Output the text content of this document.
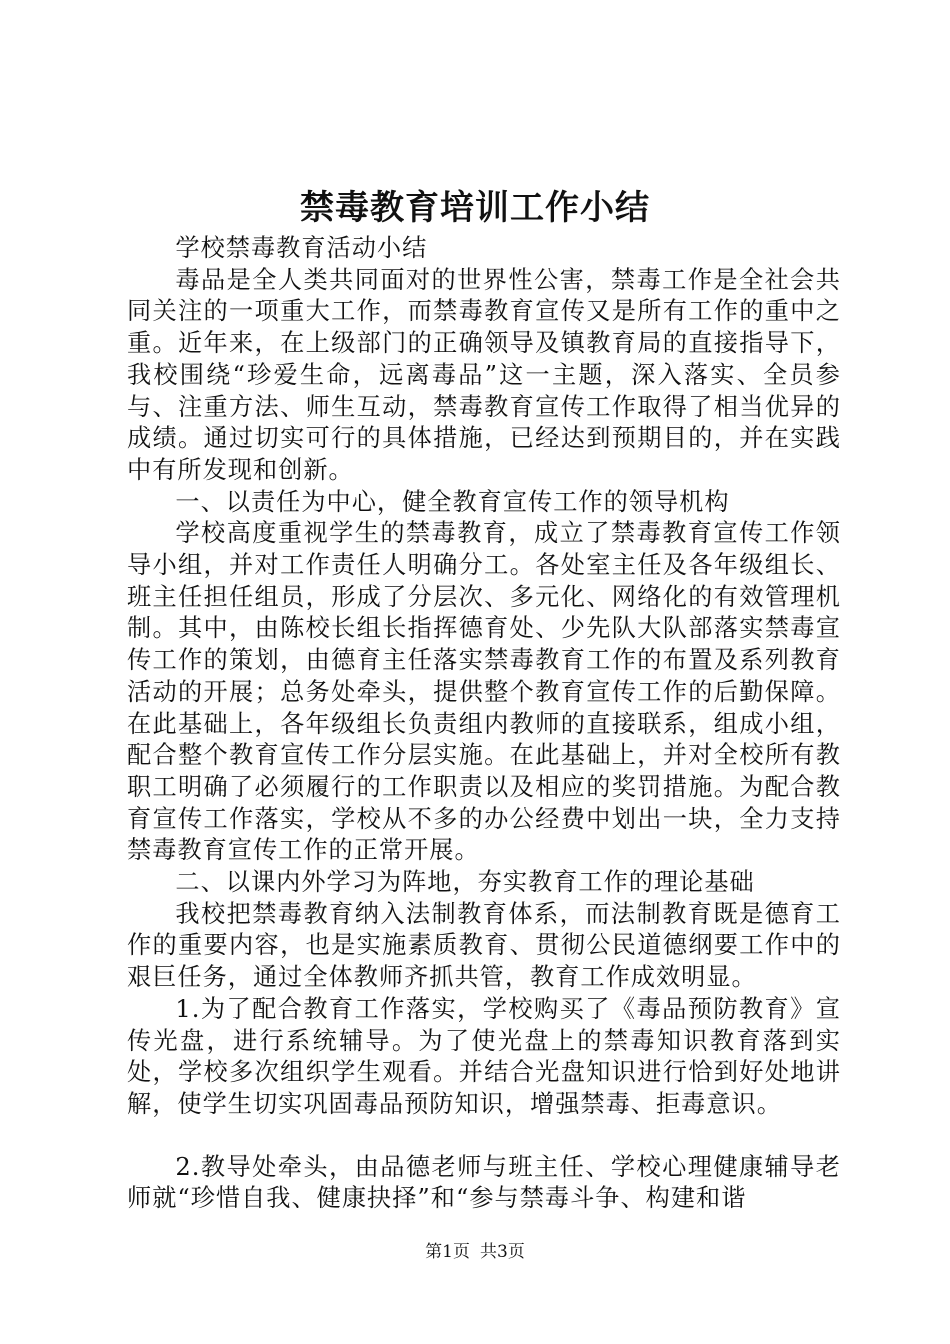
禁毒教育培训工作小结

学校禁毒教育活动小结

毒品是全人类共同面对的世界性公害，禁毒工作是全社会共同关注的一项重大工作，而禁毒教育宣传又是所有工作的重中之重。近年来，在上级部门的正确领导及镇教育局的直接指导下，我校围绕“珍爱生命，远离毒品”这一主题，深入落实、全员参与、注重方法、师生互动，禁毒教育宣传工作取得了相当优异的成绩。通过切实可行的具体措施，已经达到预期目的，并在实践中有所发现和创新。

一、以责任为中心，健全教育宣传工作的领导机构

学校高度重视学生的禁毒教育，成立了禁毒教育宣传工作领导小组，并对工作责任人明确分工。各处室主任及各年级组长、班主任担任组员，形成了分层次、多元化、网络化的有效管理机制。其中，由陈校长组长指挥德育处、少先队大队部落实禁毒宣传工作的策划，由德育主任落实禁毒教育工作的布置及系列教育活动的开展；总务处牵头，提供整个教育宣传工作的后勤保障。在此基础上，各年级组长负责组内教师的直接联系，组成小组，配合整个教育宣传工作分层实施。在此基础上，并对全校所有教职工明确了必须履行的工作职责以及相应的奖罚措施。为配合教育宣传工作落实，学校从不多的办公经费中划出一块，全力支持禁毒教育宣传工作的正常开展。

二、以课内外学习为阵地，夯实教育工作的理论基础

我校把禁毒教育纳入法制教育体系，而法制教育既是德育工作的重要内容，也是实施素质教育、贯彻公民道德纲要工作中的艰巨任务，通过全体教师齐抓共管，教育工作成效明显。

1.为了配合教育工作落实，学校购买了《毒品预防教育》宣传光盘，进行系统辅导。为了使光盘上的禁毒知识教育落到实处，学校多次组织学生观看。并结合光盘知识进行恰到好处地讲解，使学生切实巩固毒品预防知识，增强禁毒、拒毒意识。

2.教导处牵头，由品德老师与班主任、学校心理健康辅导老师就“珍惜自我、健康抉择”和“参与禁毒斗争、构建和谐

第1页 共3页
